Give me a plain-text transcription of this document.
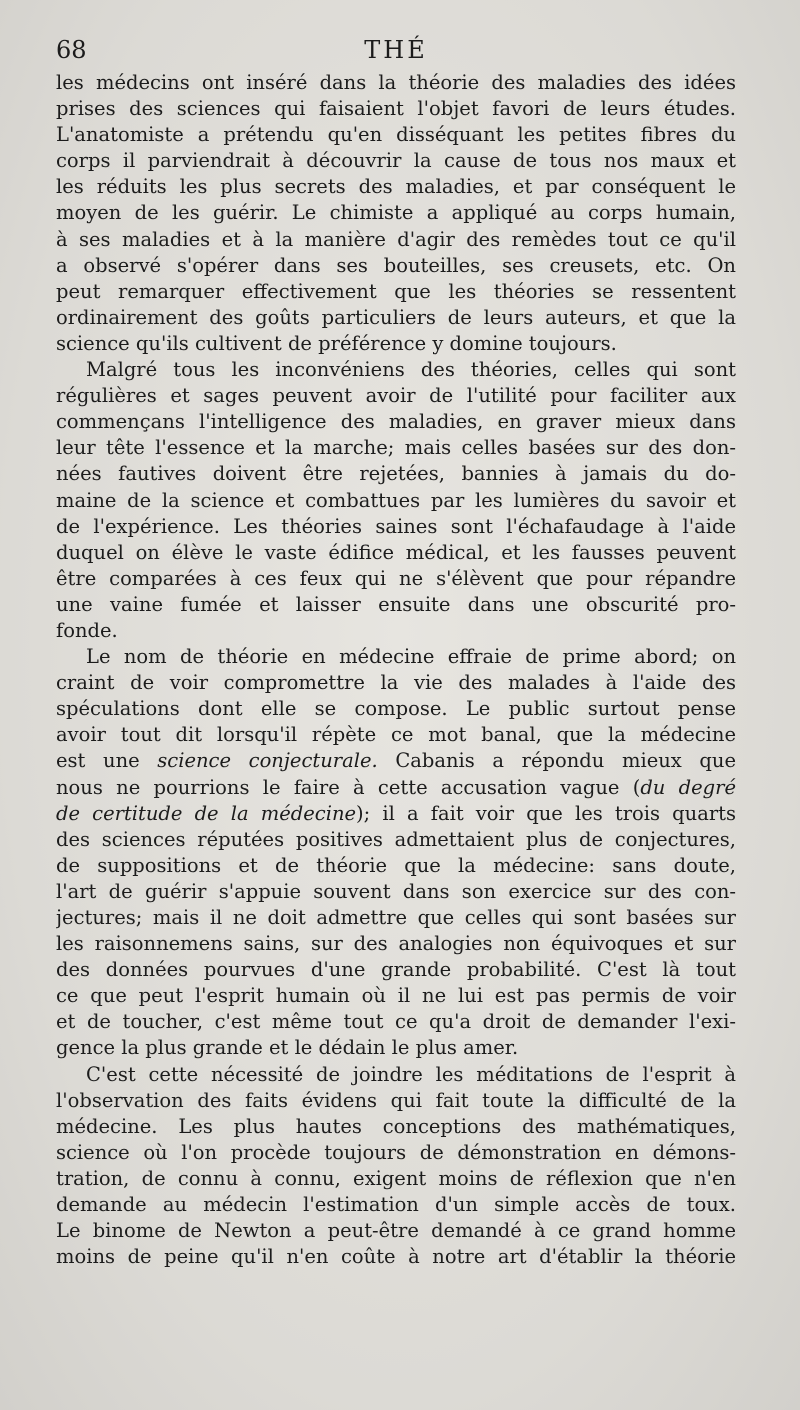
68	THÉ
les médecins ont inséré dans la théorie des maladies des idées
prises des sciences qui faisaient l'objet favori de leurs études.
L'anatomiste a prétendu qu'en disséquant les petites fibres du
corps il parviendrait à découvrir la cause de tous nos maux et
les réduits les plus secrets des maladies, et par conséquent le
moyen de les guérir. Le chimiste a appliqué au corps humain,
à ses maladies et à la manière d'agir des remèdes tout ce qu'il
a observé s'opérer dans ses bouteilles, ses creusets, etc. On
peut remarquer effectivement que les théories se ressentent
ordinairement des goûts particuliers de leurs auteurs, et que la
science qu'ils cultivent de préférence y domine toujours.
Malgré tous les inconvéniens des théories, celles qui sont
régulières et sages peuvent avoir de l'utilité pour faciliter aux
commençans l'intelligence des maladies, en graver mieux dans
leur tête l'essence et la marche; mais celles basées sur des don-
nées fautives doivent être rejetées, bannies à jamais du do-
maine de la science et combattues par les lumières du savoir et
de l'expérience. Les théories saines sont l'échafaudage à l'aide
duquel on élève le vaste édifice médical, et les fausses peuvent
être comparées à ces feux qui ne s'élèvent que pour répandre
une vaine fumée et laisser ensuite dans une obscurité pro-
fonde.
Le nom de théorie en médecine effraie de prime abord; on
craint de voir compromettre la vie des malades à l'aide des
spéculations dont elle se compose. Le public surtout pense
avoir tout dit lorsqu'il répète ce mot banal, que la médecine
est une science conjecturale. Cabanis a répondu mieux que
nous ne pourrions le faire à cette accusation vague (du degré
de certitude de la médecine); il a fait voir que les trois quarts
des sciences réputées positives admettaient plus de conjectures,
de suppositions et de théorie que la médecine: sans doute,
l'art de guérir s'appuie souvent dans son exercice sur des con-
jectures; mais il ne doit admettre que celles qui sont basées sur
les raisonnemens sains, sur des analogies non équivoques et sur
des données pourvues d'une grande probabilité. C'est là tout
ce que peut l'esprit humain où il ne lui est pas permis de voir
et de toucher, c'est même tout ce qu'a droit de demander l'exi-
gence la plus grande et le dédain le plus amer.
C'est cette nécessité de joindre les méditations de l'esprit à
l'observation des faits évidens qui fait toute la difficulté de la
médecine. Les plus hautes conceptions des mathématiques,
science où l'on procède toujours de démonstration en démons-
tration, de connu à connu, exigent moins de réflexion que n'en
demande au médecin l'estimation d'un simple accès de toux.
Le binome de Newton a peut-être demandé à ce grand homme
moins de peine qu'il n'en coûte à notre art d'établir la théorie
